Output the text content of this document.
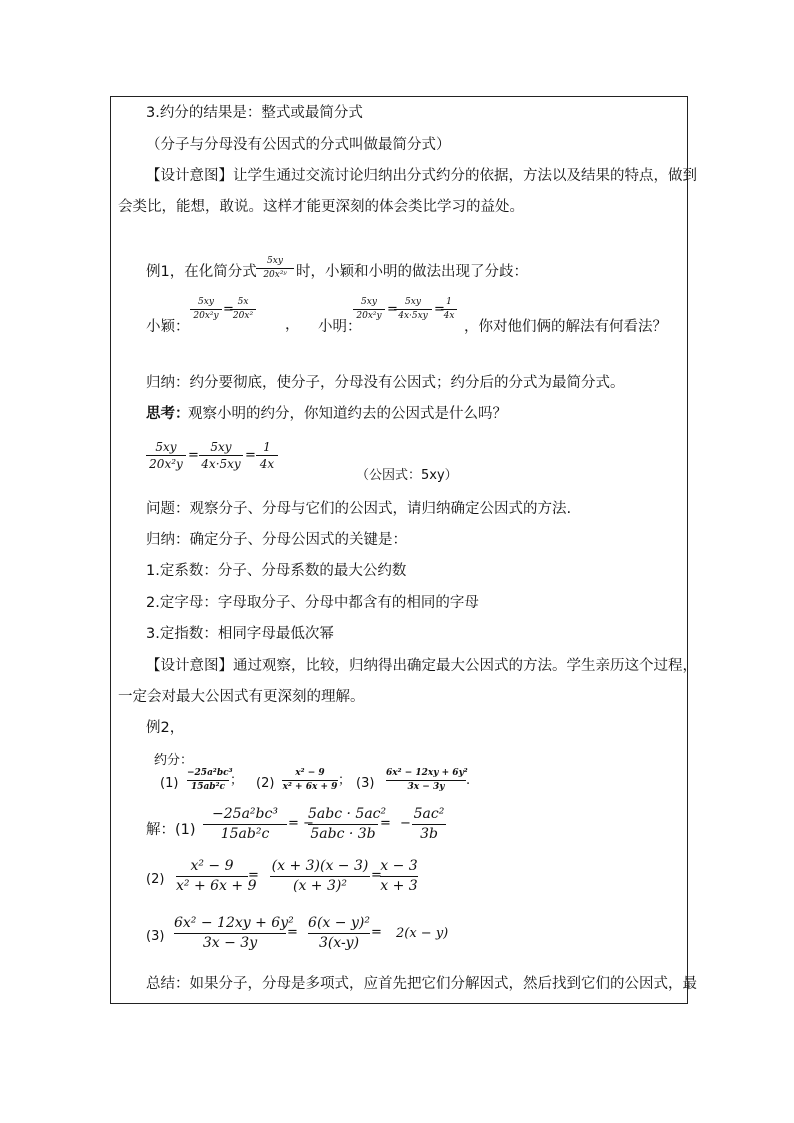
3.约分的结果是：整式或最简分式
（分子与分母没有公因式的分式叫做最简分式）
【设计意图】让学生通过交流讨论归纳出分式约分的依据，方法以及结果的特点，做到
会类比，能想，敢说。这样才能更深刻的体会类比学习的益处。
例1，在化简分式
5xy
20x²ʸ 时，小颖和小明的做法出现了分歧：
小颖：
5xy
20x²y = 5x
20x²
， 小明：
5xy
20x²y = 5xy
4x·5xy = 1
4x
，你对他们俩的解法有何看法？
归纳：约分要彻底，使分子，分母没有公因式；约分后的分式为最简分式。
思考：
观察小明的约分，你知道约去的公因式是什么吗？
5xy
20x²y
=
5xy
4x·5xy
=
1
4x
（公因式：5xy）
问题：观察分子、分母与它们的公因式，请归纳确定公因式的方法.
归纳：确定分子、分母公因式的关键是：
1.定系数：分子、分母系数的最大公约数
2.定字母：字母取分子、分母中都含有的相同的字母
3.定指数：相同字母最低次幂
【设计意图】通过观察，比较，归纳得出确定最大公因式的方法。学生亲历这个过程，
一定会对最大公因式有更深刻的理解。
例2，
约分：
(1)
−25a²bc³
15ab²c ； (2)
x² − 9
x² + 6x + 9 ； (3)
6x² − 12xy + 6y²
3x − 3y	.
解：(1)
−25a²bc³
15ab²c
= −
5abc · 5ac²
5abc · 3b
= −
5ac²
3b
(2)
x² − 9
x² + 6x + 9
=
(x + 3)(x − 3)
(x + 3)²
=
x − 3
x + 3
(3)
6x² − 12xy + 6y²
3x − 3y
=
6(x − y)²
3(x-y)
= 2(x − y)
总结：如果分子，分母是多项式，应首先把它们分解因式，然后找到它们的公因式，最
